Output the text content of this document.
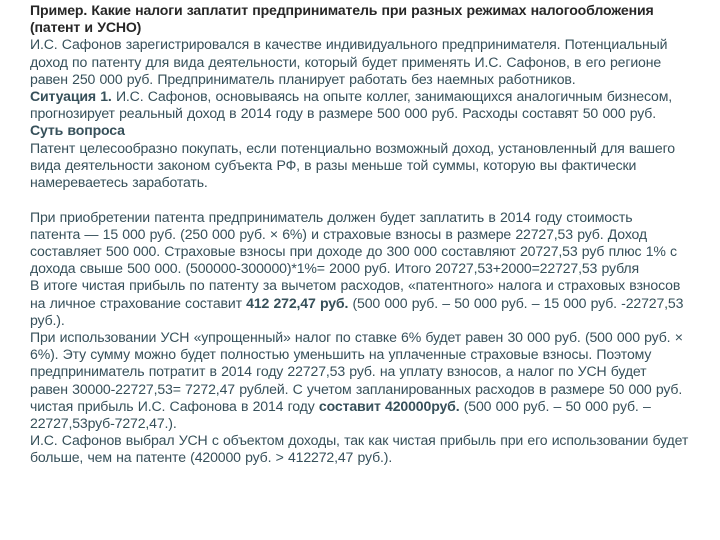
Пример. Какие налоги заплатит предприниматель при разных режимах налогообложения
(патент и УСНО)
И.С. Сафонов зарегистрировался в качестве индивидуального предпринимателя. Потенциальный
доход по патенту для вида деятельности, который будет применять И.С. Сафонов, в его регионе
равен 250 000 руб. Предприниматель планирует работать без наемных работников.
Ситуация 1. И.С. Сафонов, основываясь на опыте коллег, занимающихся аналогичным бизнесом,
прогнозирует реальный доход в 2014 году в размере 500 000 руб. Расходы составят 50 000 руб.
Суть вопроса
Патент целесообразно покупать, если потенциально возможный доход, установленный для вашего
вида деятельности законом субъекта РФ, в разы меньше той суммы, которую вы фактически
намереваетесь заработать.
При приобретении патента предприниматель должен будет заплатить в 2014 году стоимость
патента — 15 000 руб. (250 000 руб. × 6%) и страховые взносы в размере 22727,53 руб. Доход
составляет 500 000. Страховые взносы при доходе до 300 000 составляют 20727,53 руб плюс 1% с
дохода свыше 500 000. (500000-300000)*1%= 2000 руб. Итого 20727,53+2000=22727,53 рубля
В итоге чистая прибыль по патенту за вычетом расходов, «патентного» налога и страховых взносов
на личное страхование составит 412 272,47 руб. (500 000 руб. – 50 000 руб. – 15 000 руб. -22727,53
руб.).
При использовании УСН «упрощенный» налог по ставке 6% будет равен 30 000 руб. (500 000 руб. ×
6%). Эту сумму можно будет полностью уменьшить на уплаченные страховые взносы. Поэтому
предприниматель потратит в 2014 году 22727,53 руб. на уплату взносов, а налог по УСН будет
равен 30000-22727,53= 7272,47 рублей. С учетом запланированных расходов в размере 50 000 руб.
чистая прибыль И.С. Сафонова в 2014 году составит 420000руб. (500 000 руб. – 50 000 руб. –
22727,53руб-7272,47.).
И.С. Сафонов выбрал УСН с объектом доходы, так как чистая прибыль при его использовании будет
больше, чем на патенте (420000 руб. > 412272,47 руб.).
